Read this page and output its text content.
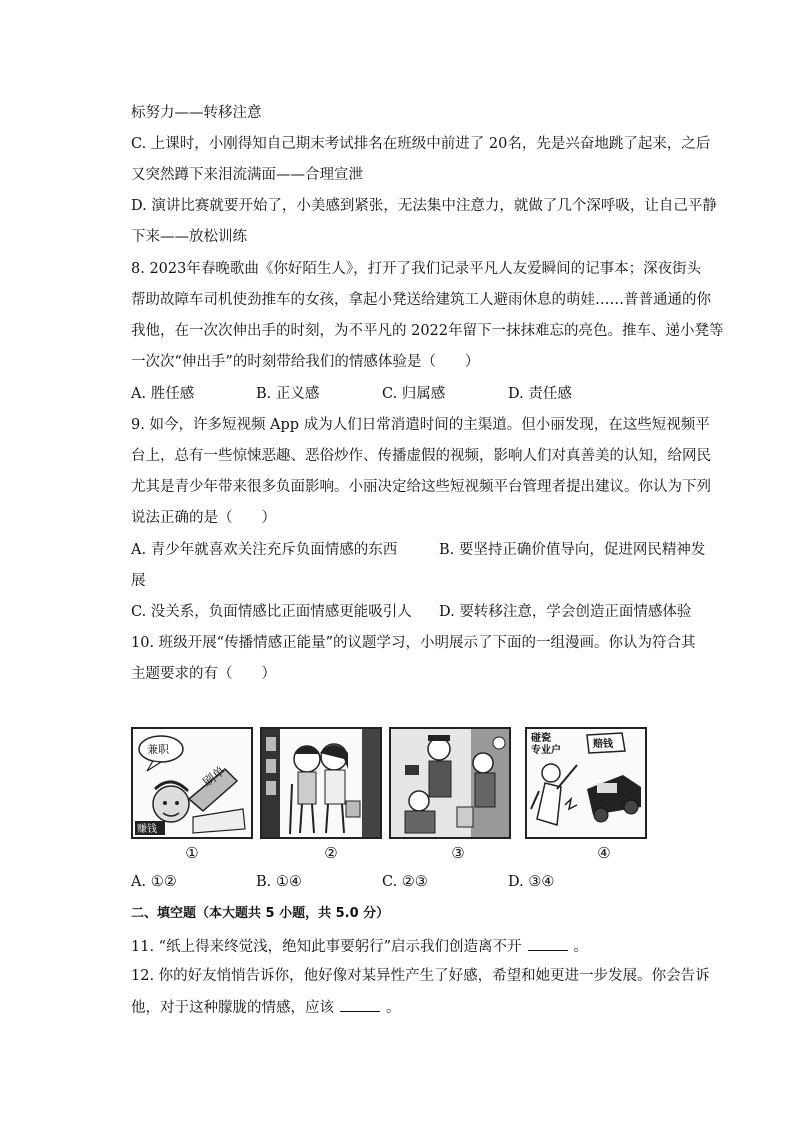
标努力——转移注意
C. 上课时，小刚得知自己期末考试排名在班级中前进了 20名，先是兴奋地跳了起来，之后
又突然蹲下来泪流满面——合理宣泄
D. 演讲比赛就要开始了，小美感到紧张，无法集中注意力，就做了几个深呼吸，让自己平静
下来——放松训练
8. 2023年春晚歌曲《你好陌生人》，打开了我们记录平凡人友爱瞬间的记事本；深夜街头
帮助故障车司机使劲推车的女孩，拿起小凳送给建筑工人避雨休息的萌娃……普普通通的你
我他，在一次次伸出手的时刻，为不平凡的 2022年留下一抹抹难忘的亮色。推车、递小凳等
一次次“伸出手”的时刻带给我们的情感体验是（　　）
A. 胜任感	B. 正义感	C. 归属感	D. 责任感
9. 如今，许多短视频 App 成为人们日常消遣时间的主渠道。但小丽发现，在这些短视频平
台上，总有一些惊悚恶趣、恶俗炒作、传播虚假的视频，影响人们对真善美的认知，给网民
尤其是青少年带来很多负面影响。小丽决定给这些短视频平台管理者提出建议。你认为下列
说法正确的是（　　）
A. 青少年就喜欢关注充斥负面情感的东西	B. 要坚持正确价值导向，促进网民精神发
展
C. 没关系，负面情感比正面情感更能吸引人 D. 要转移注意，学会创造正面情感体验
10. 班级开展“传播情感正能量”的议题学习，小明展示了下面的一组漫画。你认为符合其
主题要求的有（　　）
兼职
刷单
赚钱
碰瓷
专业户
赔钱
①	②	③	④
A. ①②	B. ①④	C. ②③	D. ③④
二、填空题（本大题共 5 小题，共 5.0 分）
11. “纸上得来终觉浅，绝知此事要躬行”启示我们创造离不开	。
12. 你的好友悄悄告诉你，他好像对某异性产生了好感，希望和她更进一步发展。你会告诉
他，对于这种朦胧的情感，应该	。
